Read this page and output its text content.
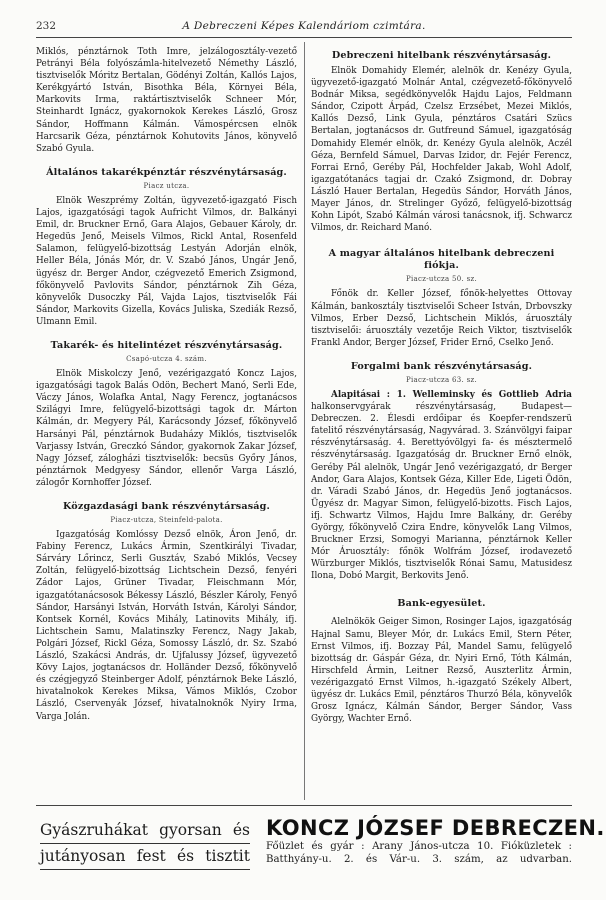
232	A Debreczeni Képes Kalendáriom czimtára.

Miklós, pénztárnok Toth Imre, jelzálogosztály-vezető Petrányi Béla folyószámla-hitelvezető Némethy László, tisztviselők Móritz Bertalan, Gödényi Zoltán, Kallós Lajos, Kerékgyártó István, Bisothka Béla, Környei Béla, Markovits Irma, raktártisztviselők Schneer Mór, Steinhardt Ignácz, gyakornokok Kerekes László, Grosz Sándor, Hoffmann Kálmán. Vámospércsen elnök Harcsarik Géza, pénztárnok Kohutovits János, könyvelő Szabó Gyula.

Általános takarékpénztár részvénytársaság.
Piacz utcza.

Elnök Weszprémy Zoltán, ügyvezető-igazgató Fisch Lajos, igazgatósági tagok Aufricht Vilmos, dr. Balkányi Emil, dr. Bruckner Ernő, Gara Alajos, Gebauer Károly, dr. Hegedüs Jenő, Meisels Vilmos, Rickl Antal, Rosenfeld Salamon, felügyelő-bizottság Lestyán Adorján elnök, Heller Béla, Jónás Mór, dr. V. Szabó János, Ungár Jenő, ügyész dr. Berger Andor, czégvezető Emerich Zsigmond, főkönyvelő Pavlovits Sándor, pénztárnok Zih Géza, könyvelők Dusoczky Pál, Vajda Lajos, tisztviselők Fái Sándor, Markovits Gizella, Kovács Juliska, Szediák Rezső, Ulmann Emil.

Takarék- és hitelintézet részvénytársaság.
Csapó-utcza 4. szám.

Elnök Miskolczy Jenő, vezérigazgató Koncz Lajos, igazgatósági tagok Balás Odön, Bechert Manó, Serli Ede, Váczy János, Wolafka Antal, Nagy Ferencz, jogtanácsos Szilágyi Imre, felügyelő-bizottsági tagok dr. Márton Kálmán, dr. Megyery Pál, Karácsondy József, főkönyvelő Harsányi Pál, pénztárnok Budaházy Miklós, tisztviselők Varjassy István, Greczkó Sándor, gyakornok Zakar József, Nagy József, zálogházi tisztviselők: becsüs Győry János, pénztárnok Medgyesy Sándor, ellenőr Varga László, zálogőr Kornhoffer József.

Közgazdasági bank részvénytársaság.
Piacz-utcza, Steinfeld-palota.

Igazgatóság Komlóssy Dezső elnök, Áron Jenő, dr. Fabiny Ferencz, Lukács Ármin, Szentkirályi Tivadar, Sárváry Lőrincz, Serli Gusztáv, Szabó Miklós, Vecsey Zoltán, felügyelő-bizottság Lichtschein Dezső, fenyéri Zádor Lajos, Grüner Tivadar, Fleischmann Mór, igazgatótanácsosok Békessy László, Bészler Károly, Fenyő Sándor, Harsányi István, Horváth István, Károlyi Sándor, Kontsek Kornél, Kovács Mihály, Latinovits Mihály, ifj. Lichtschein Samu, Malatinszky Ferencz, Nagy Jakab, Polgári József, Rickl Géza, Somossy László, dr. Sz. Szabó László, Szakácsi András, dr. Ujfalussy József, ügyvezető Kövy Lajos, jogtanácsos dr. Holländer Dezső, főkönyvelő és czégjegyző Steinberger Adolf, pénztárnok Beke László, hivatalnokok Kerekes Miksa, Vámos Miklós, Czobor László, Cservenyák József, hivatalnoknők Nyiry Irma, Varga Jolán.

Debreczeni hitelbank részvénytársaság.

Elnök Domahidy Elemér, alelnök dr. Kenézy Gyula, ügyvezető-igazgató Molnár Antal, czégvezető-főkönyvelő Bodnár Miksa, segédkönyvelők Hajdu Lajos, Feldmann Sándor, Czipott Árpád, Czelsz Erzsébet, Mezei Miklós, Kallós Dezső, Link Gyula, pénztáros Csatári Szücs Bertalan, jogtanácsos dr. Gutfreund Sámuel, igazgatóság Domahidy Elemér elnök, dr. Kenézy Gyula alelnök, Aczél Géza, Bernfeld Sámuel, Darvas Izidor, dr. Fejér Ferencz, Forrai Ernő, Geréby Pál, Hochfelder Jakab, Wohl Adolf, igazgatótanács tagjai dr. Czakó Zsigmond, dr. Dobray László Hauer Bertalan, Hegedüs Sándor, Horváth János, Mayer János, dr. Strelinger Győző, felügyelő-bizottság Kohn Lipót, Szabó Kálmán városi tanácsnok, ifj. Schwarcz Vilmos, dr. Reichard Manó.

A magyar általános hitelbank debreczeni fiókja.
Piacz-utcza 50. sz.

Főnök dr. Keller József, főnök-helyettes Ottovay Kálmán, bankosztály tisztviselői Scheer István, Drbovszky Vilmos, Erber Dezső, Lichtschein Miklós, áruosztály tisztviselői: áruosztály vezetője Reich Viktor, tisztviselők Frankl Andor, Berger József, Frider Ernő, Cselko Jenő.

Forgalmi bank részvénytársaság.
Piacz-utcza 63. sz.

Alapitásai : 1. Welleminsky és Gottlieb Adria halkonservgyárak részvénytársaság, Budapest—Debreczen. 2. Élesdi erdőipar és Koepfer-rendszerü fatelitő részvénytársaság, Nagyvárad. 3. Szánvölgyi faipar részvénytársaság. 4. Berettyóvölgyi fa- és mésztermelő részvénytársaság. Igazgatóság dr. Bruckner Ernő elnök, Geréby Pál alelnök, Ungár Jenő vezérigazgató, dr Berger Andor, Gara Alajos, Kontsek Géza, Killer Ede, Ligeti Ödön, dr. Váradi Szabó János, dr. Hegedüs Jenő jogtanácsos. Ügyész dr. Magyar Simon, felügyelő-bizotts. Fisch Lajos, ifj. Schwartz Vilmos, Hajdu Imre Balkány, dr. Geréby György, főkönyvelő Czira Endre, könyvelők Lang Vilmos, Bruckner Erzsi, Somogyi Marianna, pénztárnok Keller Mór Áruosztály: főnök Wolfrám József, irodavezető Würzburger Miklós, tisztviselők Rónai Samu, Matusidesz Ilona, Dobó Margit, Berkovits Jenő.

Bank-egyesület.

Alelnökök Geiger Simon, Rosinger Lajos, igazgatóság Hajnal Samu, Bleyer Mór, dr. Lukács Emil, Stern Péter, Ernst Vilmos, ifj. Bozzay Pál, Mandel Samu, felügyelő bizottság dr. Gáspár Géza, dr. Nyiri Ernő, Tóth Kálmán, Hirschfeld Ármin, Leitner Rezső, Auszterlitz Ármin, vezérigazgató Ernst Vilmos, h.-igazgató Székely Albert, ügyész dr. Lukács Emil, pénztáros Thurzó Béla, könyvelők Grosz Ignácz, Kálmán Sándor, Berger Sándor, Vass György, Wachter Ernő.

Gyászruhákat gyorsan és
jutányosan fest és tisztit
KONCZ JÓZSEF DEBRECZEN.
Főüzlet és gyár : Arany János-utcza 10. Fióküzletek :
Batthyány-u. 2. és Vár-u. 3. szám, az udvarban.
